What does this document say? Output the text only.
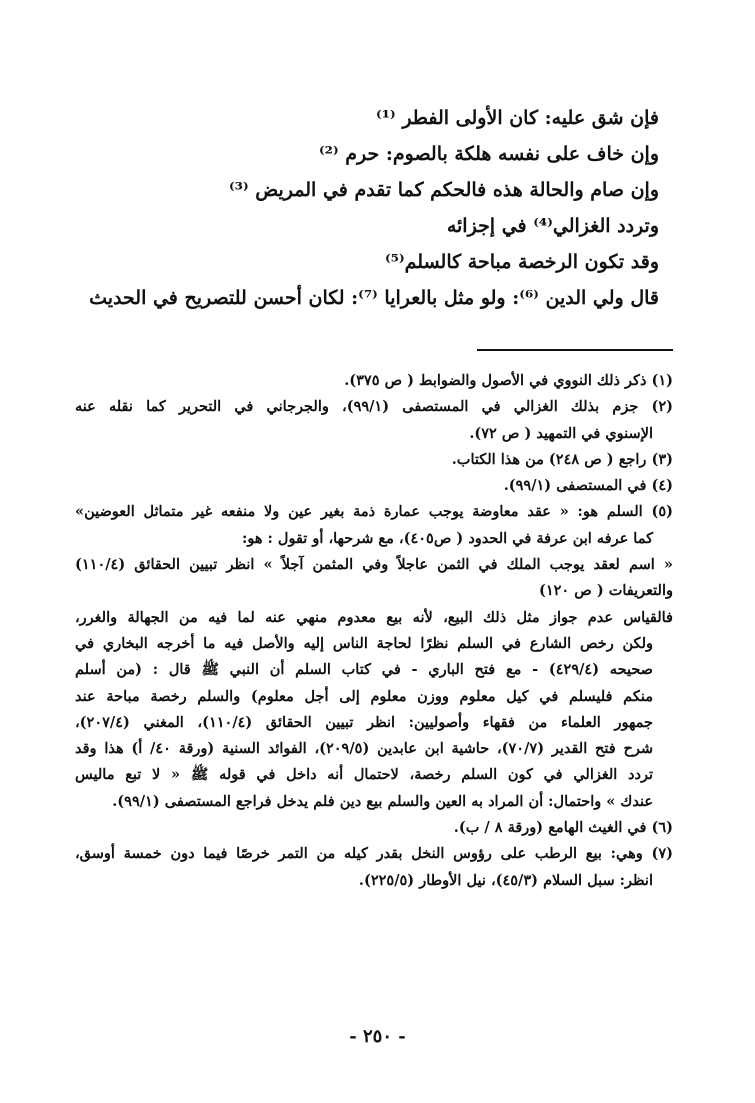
فإن شق عليه: كان الأولى الفطر ⁽¹⁾
وإن خاف على نفسه هلكة بالصوم: حرم ⁽²⁾
وإن صام والحالة هذه فالحكم كما تقدم في المريض ⁽³⁾
وتردد الغزالي⁽⁴⁾ في إجزائه
وقد تكون الرخصة مباحة كالسلم⁽⁵⁾
قال ولي الدين ⁽⁶⁾: ولو مثل بالعرايا ⁽⁷⁾: لكان أحسن للتصريح في الحديث
(١) ذكر ذلك النووي في الأصول والضوابط ( ص ٣٧٥).
(٢) جزم بذلك الغزالي في المستصفى (٩٩/١)، والجرجاني في التحرير كما نقله عنه
الإسنوي في التمهيد ( ص ٧٢).
(٣) راجع ( ص ٢٤٨) من هذا الكتاب.
(٤) في المستصفى (٩٩/١).
(٥) السلم هو: « عقد معاوضة يوجب عمارة ذمة بغير عين ولا منفعه غير متماثل العوضين»
كما عرفه ابن عرفة في الحدود ( ص٤٠٥)، مع شرحها، أو تقول : هو:
« اسم لعقد يوجب الملك في الثمن عاجلاً وفي المثمن آجلاً » انظر تبيين الحقائق (١١٠/٤)
والتعريفات ( ص ١٢٠)
فالقياس عدم جواز مثل ذلك البيع، لأنه بيع معدوم منهي عنه لما فيه من الجهالة والغرر،
ولكن رخص الشارع في السلم نظرًا لحاجة الناس إليه والأصل فيه ما أخرجه البخاري في
صحيحه (٤٢٩/٤) - مع فتح الباري - في كتاب السلم أن النبي ﷺ قال : (من أسلم
منكم فليسلم في كيل معلوم ووزن معلوم إلى أجل معلوم) والسلم رخصة مباحة عند
جمهور العلماء من فقهاء وأصوليين: انظر تبيين الحقائق (١١٠/٤)، المغني (٢٠٧/٤)،
شرح فتح القدير (٧٠/٧)، حاشية ابن عابدين (٢٠٩/٥)، الفوائد السنية (ورقة ٤٠/ أ) هذا وقد
تردد الغزالي في كون السلم رخصة، لاحتمال أنه داخل في قوله ﷺ « لا تبع ماليس
عندك » واحتمال: أن المراد به العين والسلم بيع دين فلم يدخل فراجع المستصفى (٩٩/١).
(٦) في الغيث الهامع (ورقة ٨ / ب).
(٧) وهي: بيع الرطب على رؤوس النخل بقدر كيله من التمر خرصًا فيما دون خمسة أوسق،
انظر: سبل السلام (٤٥/٣)، نيل الأوطار (٢٢٥/٥).
- ٢٥٠ -
